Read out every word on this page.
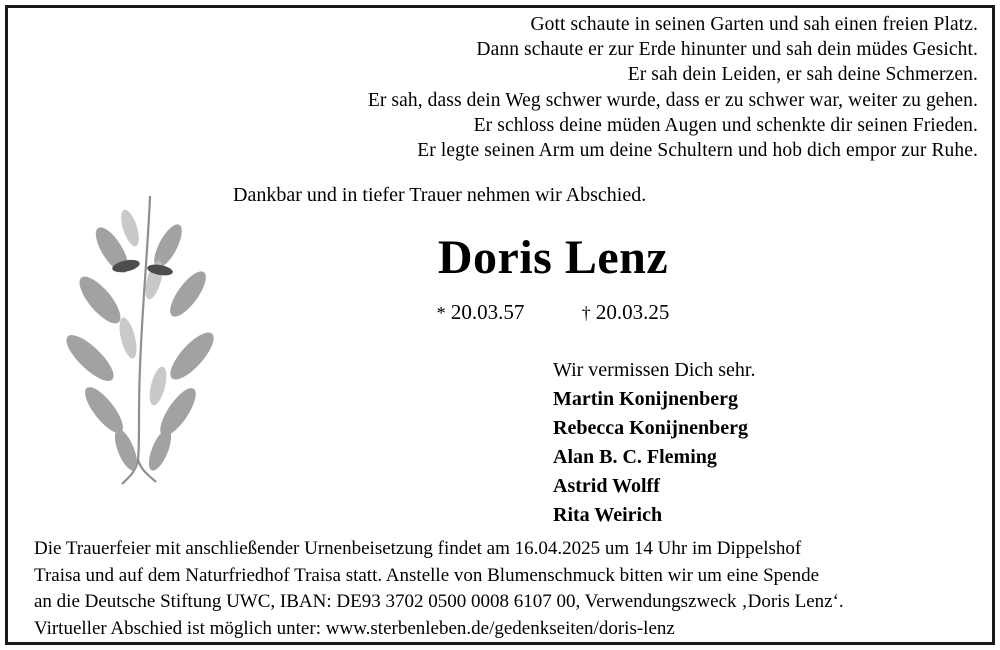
Gott schaute in seinen Garten und sah einen freien Platz.
Dann schaute er zur Erde hinunter und sah dein müdes Gesicht.
Er sah dein Leiden, er sah deine Schmerzen.
Er sah, dass dein Weg schwer wurde, dass er zu schwer war, weiter zu gehen.
Er schloss deine müden Augen und schenkte dir seinen Frieden.
Er legte seinen Arm um deine Schultern und hob dich empor zur Ruhe.
Dankbar und in tiefer Trauer nehmen wir Abschied.
Doris Lenz
* 20.03.57	† 20.03.25
Wir vermissen Dich sehr.
Martin Konijnenberg
Rebecca Konijnenberg
Alan B. C. Fleming
Astrid Wolff
Rita Weirich
Die Trauerfeier mit anschließender Urnenbeisetzung findet am 16.04.2025 um 14 Uhr im Dippelshof
Traisa und auf dem Naturfriedhof Traisa statt. Anstelle von Blumenschmuck bitten wir um eine Spende
an die Deutsche Stiftung UWC, IBAN: DE93 3702 0500 0008 6107 00, Verwendungszweck ‚Doris Lenz‘.
Virtueller Abschied ist möglich unter: www.sterbenleben.de/gedenkseiten/doris-lenz
